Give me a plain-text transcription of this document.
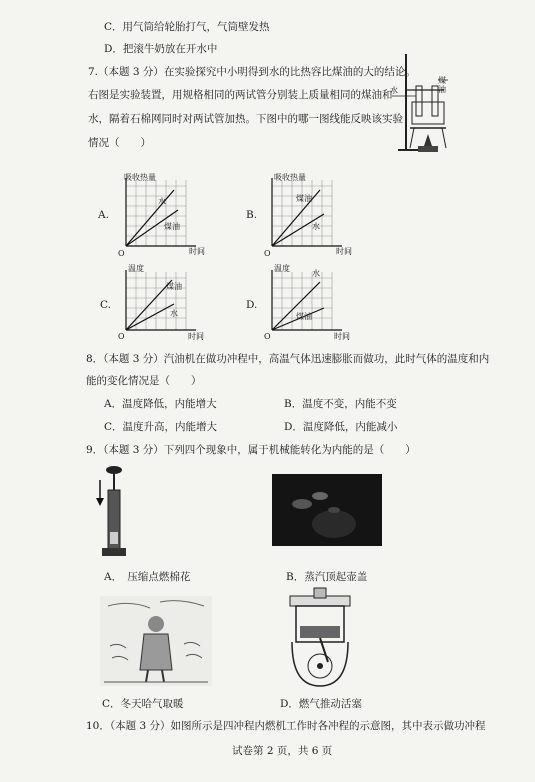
C．用气筒给轮胎打气，气筒壁发热
D．把滚牛奶放在开水中
7.（本题 3 分）在实验探究中小明得到水的比热容比煤油的大的结论。
右图是实验装置，用规格相同的两试管分别装上质量相同的煤油和
水，隔着石棉网同时对两试管加热。下图中的哪一图线能反映该实验
情况（　　）
水
煤油
A.
吸收热量
时间
O
水
煤油
B.
吸收热量
时间
O
煤油
水
C.
温度
时间
O
煤油
水
D.
温度
时间
O
水
煤油
8．（本题 3 分）汽油机在做功冲程中，高温气体迅速膨胀而做功，此时气体的温度和内
能的变化情况是（　　）
A．温度降低，内能增大	B．温度不变，内能不变
C．温度升高，内能增大	D．温度降低，内能减小
9．（本题 3 分）下列四个现象中，属于机械能转化为内能的是（　　）
A．　压缩点燃棉花	B．蒸汽顶起壶盖
C．冬天哈气取暖	D．燃气推动活塞
10．（本题 3 分）如图所示是四冲程内燃机工作时各冲程的示意图，其中表示做功冲程
试卷第 2 页，共 6 页
